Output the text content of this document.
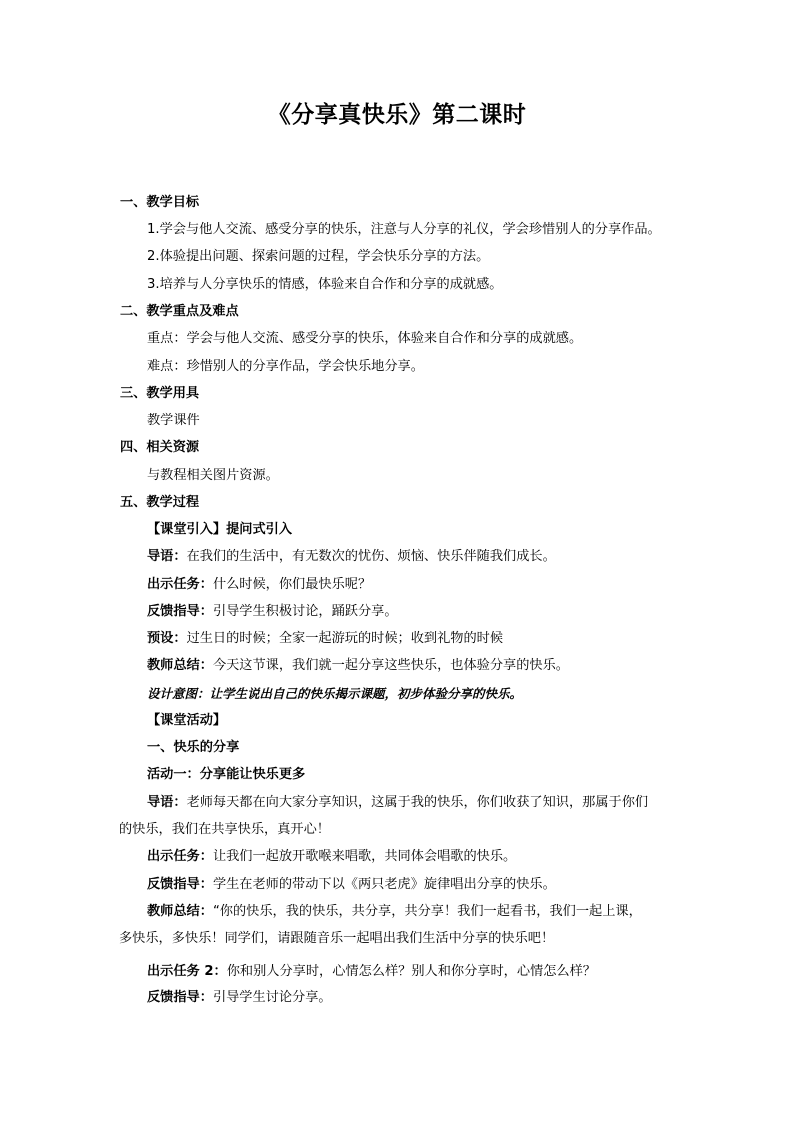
《分享真快乐》第二课时
一、教学目标
1.学会与他人交流、感受分享的快乐，注意与人分享的礼仪，学会珍惜别人的分享作品。
2.体验提出问题、探索问题的过程，学会快乐分享的方法。
3.培养与人分享快乐的情感，体验来自合作和分享的成就感。
二、教学重点及难点
重点：学会与他人交流、感受分享的快乐，体验来自合作和分享的成就感。
难点：珍惜别人的分享作品，学会快乐地分享。
三、教学用具
教学课件
四、相关资源
与教程相关图片资源。
五、教学过程
【课堂引入】提问式引入
导语：在我们的生活中，有无数次的忧伤、烦恼、快乐伴随我们成长。
出示任务：什么时候，你们最快乐呢？
反馈指导：引导学生积极讨论，踊跃分享。
预设：过生日的时候；全家一起游玩的时候；收到礼物的时候
教师总结：今天这节课，我们就一起分享这些快乐，也体验分享的快乐。
设计意图：让学生说出自己的快乐揭示课题，初步体验分享的快乐。
【课堂活动】
一、快乐的分享
活动一：分享能让快乐更多
导语：老师每天都在向大家分享知识，这属于我的快乐，你们收获了知识，那属于你们
的快乐，我们在共享快乐，真开心！
出示任务：让我们一起放开歌喉来唱歌，共同体会唱歌的快乐。
反馈指导：学生在老师的带动下以《两只老虎》旋律唱出分享的快乐。
教师总结：“你的快乐，我的快乐，共分享，共分享！我们一起看书，我们一起上课，
多快乐，多快乐！同学们，请跟随音乐一起唱出我们生活中分享的快乐吧！
出示任务 2：你和别人分享时，心情怎么样？别人和你分享时，心情怎么样？
反馈指导：引导学生讨论分享。
